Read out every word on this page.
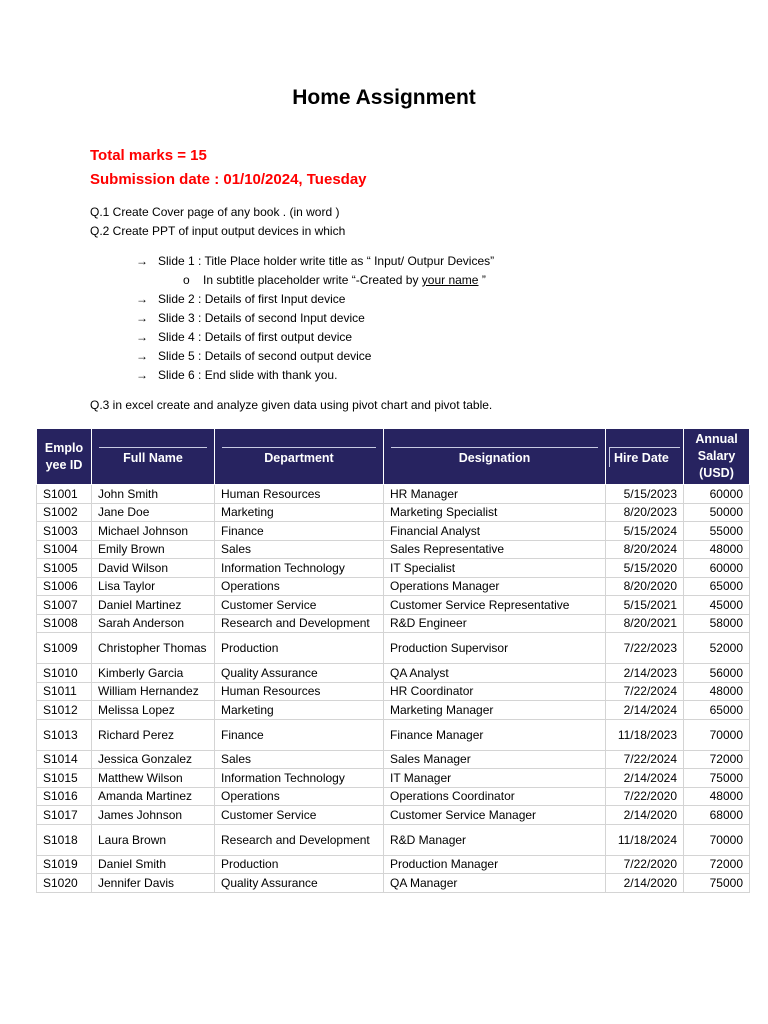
Home Assignment
Total marks = 15
Submission date : 01/10/2024, Tuesday
Q.1 Create Cover page of any book . (in word )
Q.2 Create PPT of input output devices in which
→ Slide 1 : Title Place holder write title as “ Input/ Outpur Devices”
o In subtitle placeholder write “-Created by your name ”
→ Slide 2 : Details of first Input device
→ Slide 3 : Details of second Input device
→ Slide 4 : Details of first output device
→ Slide 5 : Details of second output device
→ Slide 6 : End slide with thank you.
Q.3 in excel create and analyze given data using pivot chart and pivot table.
Emplo yee ID	Full Name	Department	Designation	Hire Date	Annual Salary (USD)
S1001	John Smith	Human Resources	HR Manager	5/15/2023	60000
S1002	Jane Doe	Marketing	Marketing Specialist	8/20/2023	50000
S1003	Michael Johnson	Finance	Financial Analyst	5/15/2024	55000
S1004	Emily Brown	Sales	Sales Representative	8/20/2024	48000
S1005	David Wilson	Information Technology	IT Specialist	5/15/2020	60000
S1006	Lisa Taylor	Operations	Operations Manager	8/20/2020	65000
S1007	Daniel Martinez	Customer Service	Customer Service Representative	5/15/2021	45000
S1008	Sarah Anderson	Research and Development	R&D Engineer	8/20/2021	58000
S1009	Christopher Thomas	Production	Production Supervisor	7/22/2023	52000
S1010	Kimberly Garcia	Quality Assurance	QA Analyst	2/14/2023	56000
S1011	William Hernandez	Human Resources	HR Coordinator	7/22/2024	48000
S1012	Melissa Lopez	Marketing	Marketing Manager	2/14/2024	65000
S1013	Richard Perez	Finance	Finance Manager	11/18/2023	70000
S1014	Jessica Gonzalez	Sales	Sales Manager	7/22/2024	72000
S1015	Matthew Wilson	Information Technology	IT Manager	2/14/2024	75000
S1016	Amanda Martinez	Operations	Operations Coordinator	7/22/2020	48000
S1017	James Johnson	Customer Service	Customer Service Manager	2/14/2020	68000
S1018	Laura Brown	Research and Development	R&D Manager	11/18/2024	70000
S1019	Daniel Smith	Production	Production Manager	7/22/2020	72000
S1020	Jennifer Davis	Quality Assurance	QA Manager	2/14/2020	75000
